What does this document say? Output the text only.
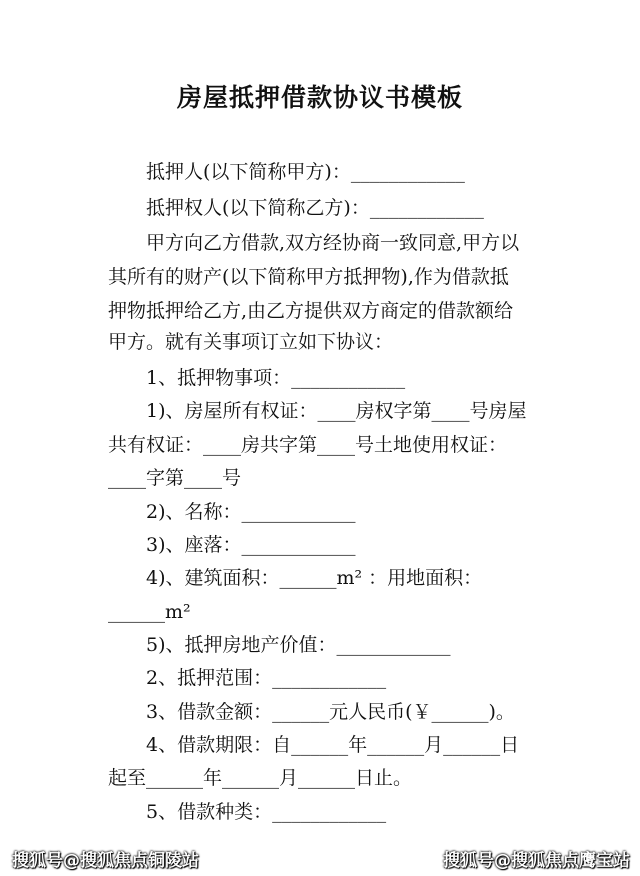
房屋抵押借款协议书模板
抵押人(以下简称甲方)：____________
抵押权人(以下简称乙方)：____________
甲方向乙方借款,双方经协商一致同意,甲方以
其所有的财产(以下简称甲方抵押物),作为借款抵
押物抵押给乙方,由乙方提供双方商定的借款额给
甲方。就有关事项订立如下协议：
1、抵押物事项：____________
1)、房屋所有权证：____房权字第____号房屋
共有权证：____房共字第____号土地使用权证：
____字第____号
2)、名称：____________
3)、座落：____________
4)、建筑面积：______m² ：用地面积：
______m²
5)、抵押房地产价值：____________
2、抵押范围：____________
3、借款金额：______元人民币(￥______)。
4、借款期限：自______年______月______日
起至______年______月______日止。
5、借款种类：____________
搜狐号@搜狐焦点铜陵站	搜狐号@搜狐焦点鹰宝站
